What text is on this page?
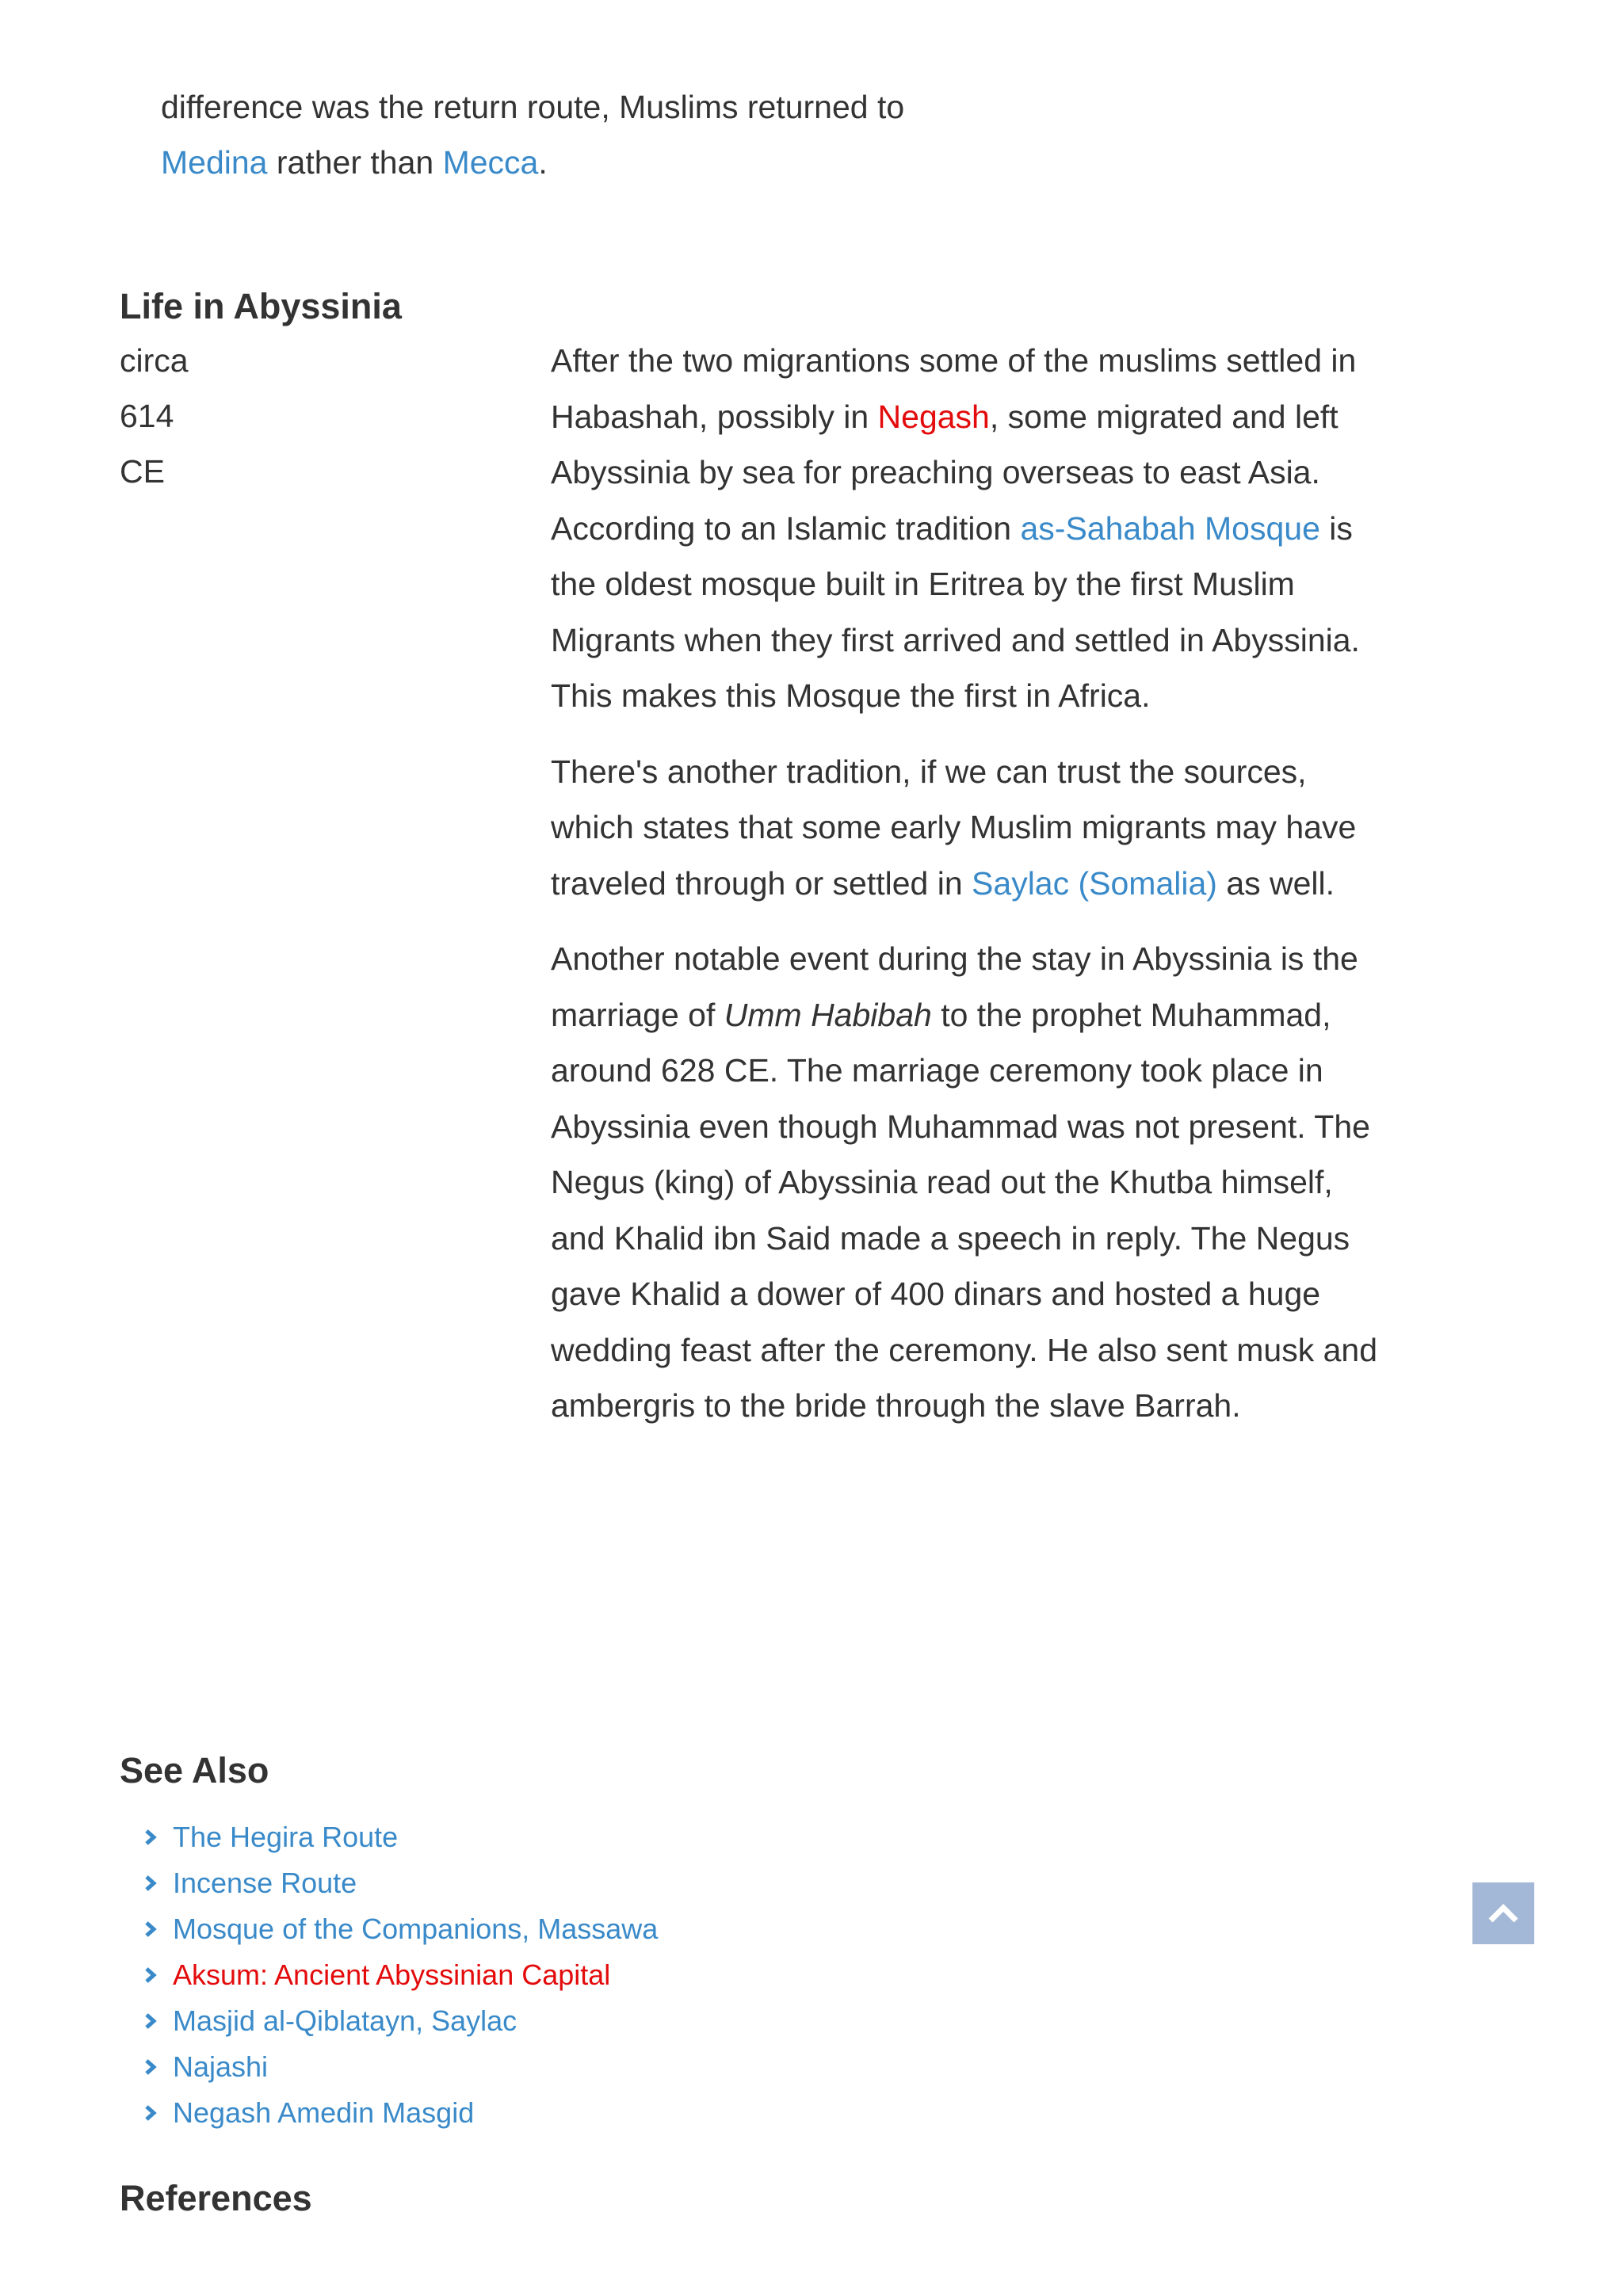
difference was the return route, Muslims returned to
Medina rather than Mecca.
Life in Abyssinia
circa
614
CE

After the two migrantions some of the muslims settled in Habashah, possibly in Negash, some migrated and left Abyssinia by sea for preaching overseas to east Asia. According to an Islamic tradition as-Sahabah Mosque is the oldest mosque built in Eritrea by the first Muslim Migrants when they first arrived and settled in Abyssinia. This makes this Mosque the first in Africa.

There's another tradition, if we can trust the sources, which states that some early Muslim migrants may have traveled through or settled in Saylac (Somalia) as well.

Another notable event during the stay in Abyssinia is the marriage of Umm Habibah to the prophet Muhammad, around 628 CE. The marriage ceremony took place in Abyssinia even though Muhammad was not present. The Negus (king) of Abyssinia read out the Khutba himself, and Khalid ibn Said made a speech in reply. The Negus gave Khalid a dower of 400 dinars and hosted a huge wedding feast after the ceremony. He also sent musk and ambergris to the bride through the slave Barrah.

See Also
The Hegira Route
Incense Route
Mosque of the Companions, Massawa
Aksum: Ancient Abyssinian Capital
Masjid al-Qiblatayn, Saylac
Najashi
Negash Amedin Masgid
References
